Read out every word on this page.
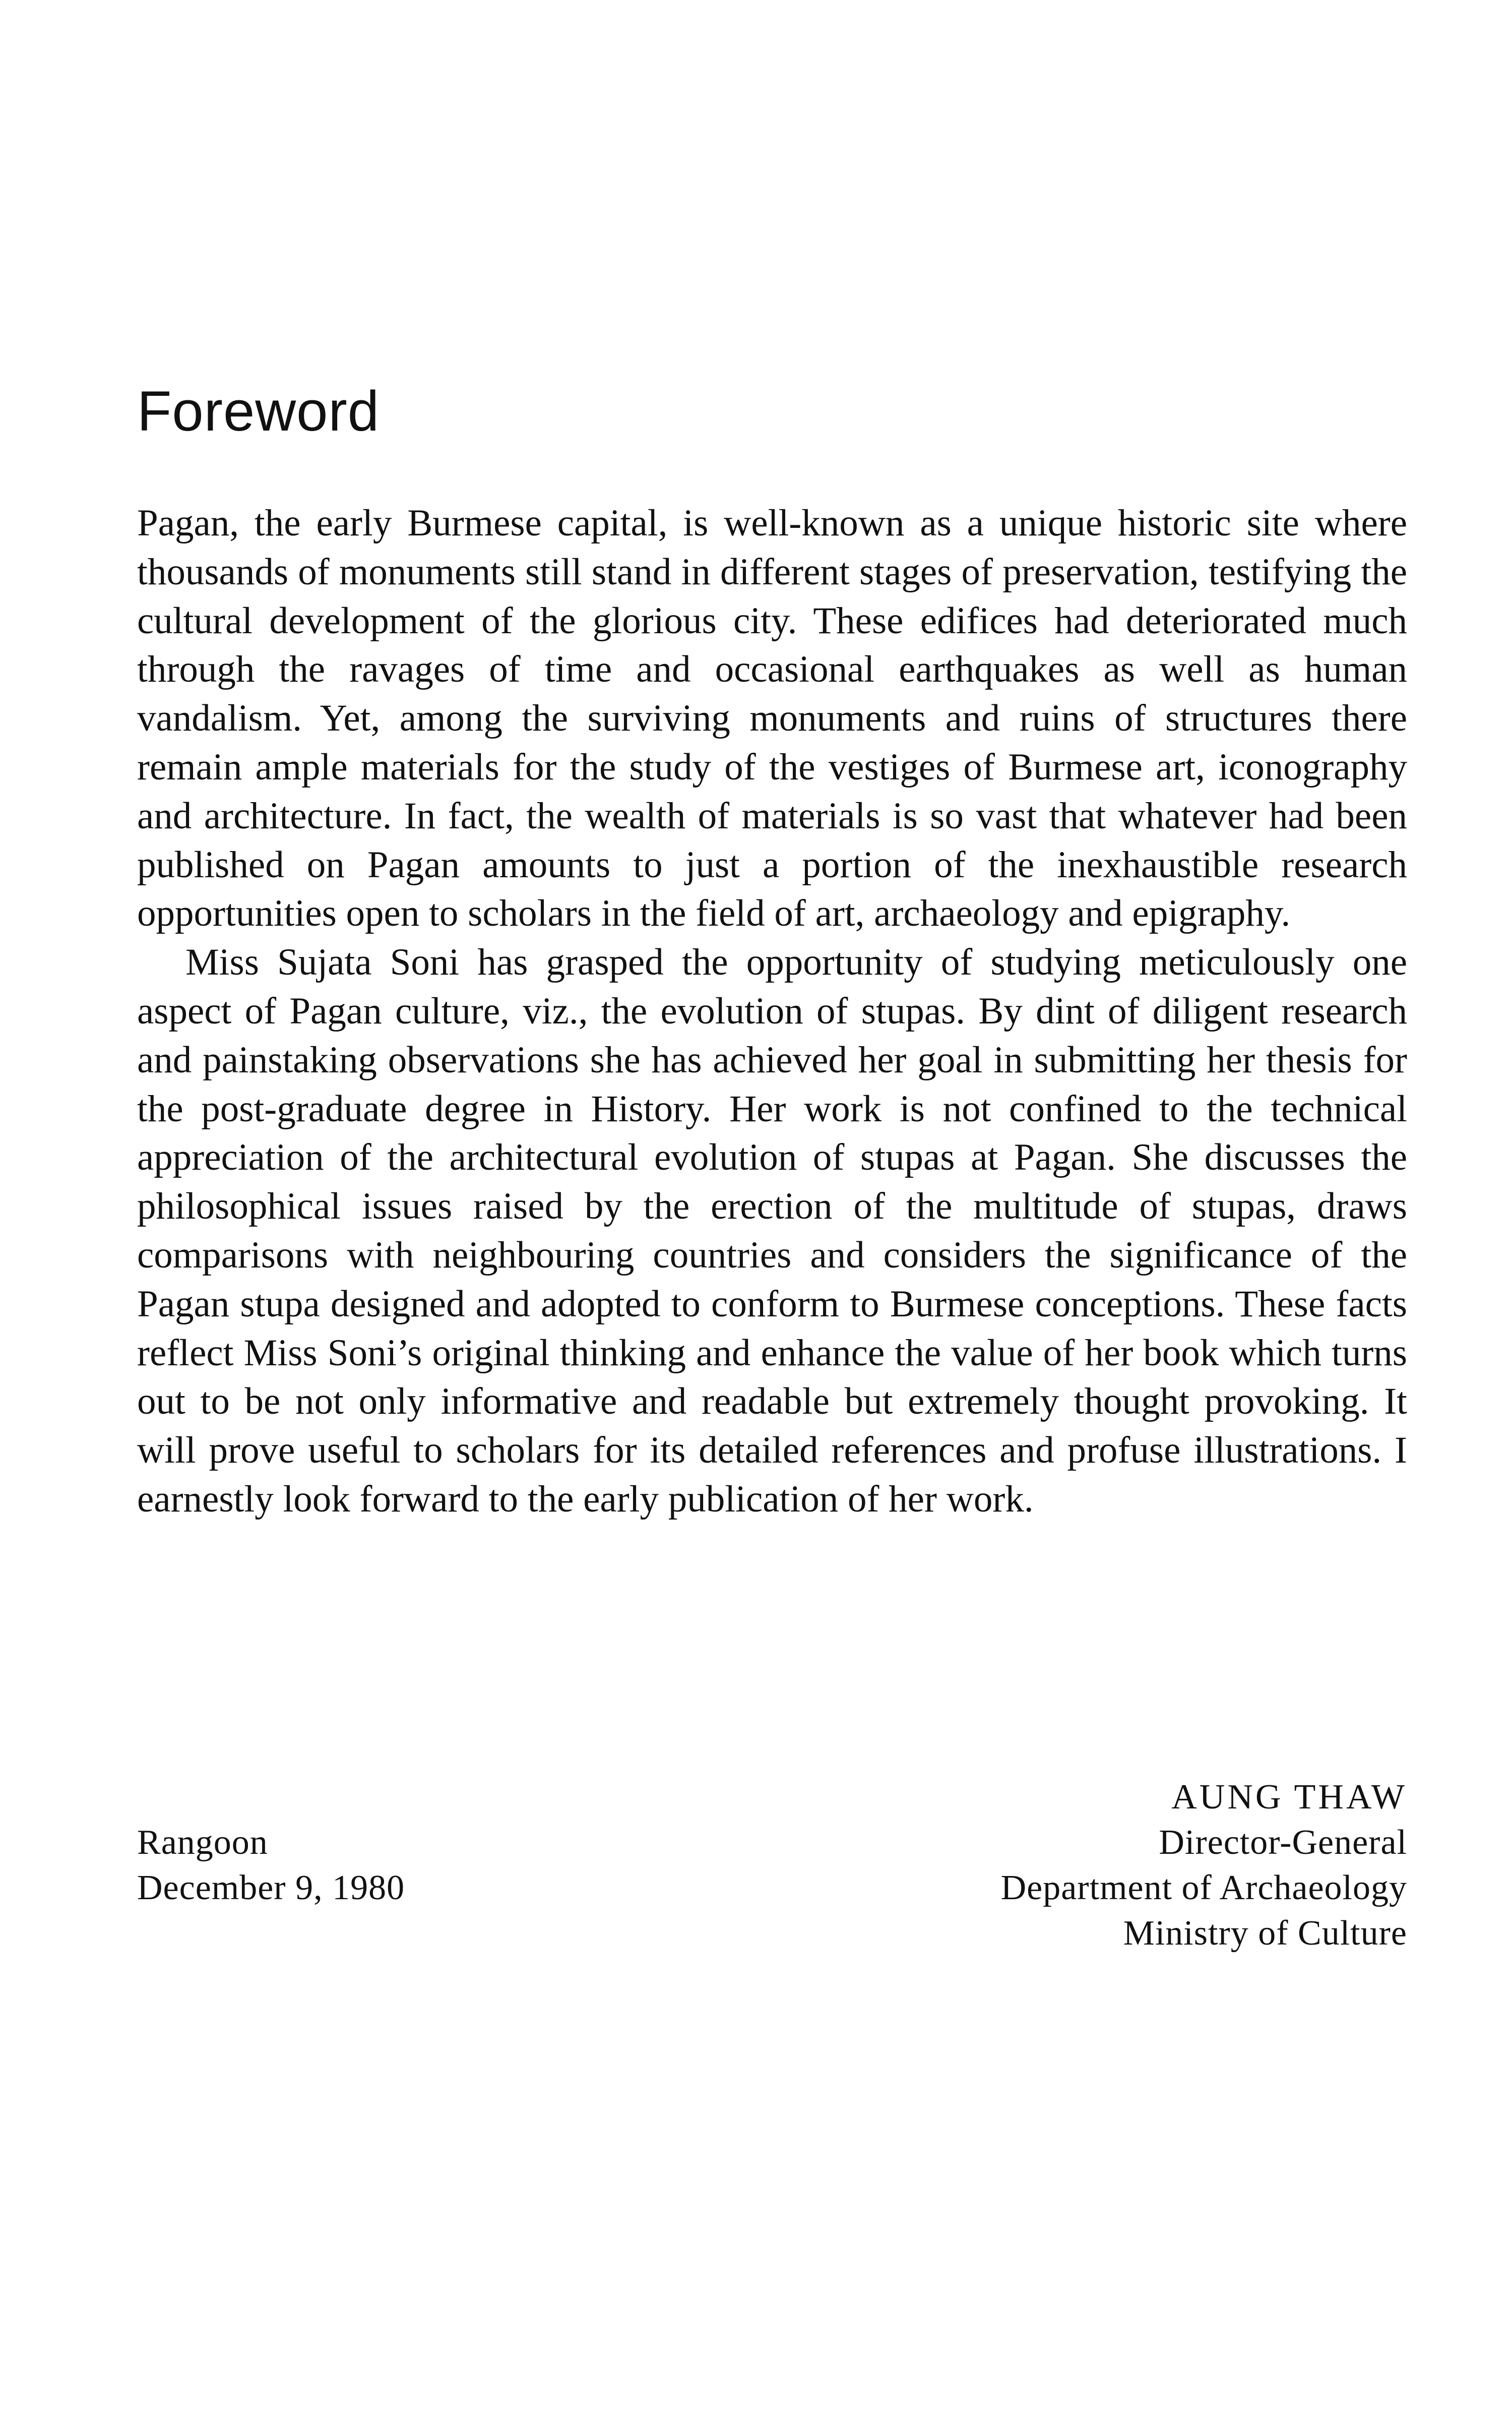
Foreword

Pagan, the early Burmese capital, is well-known as a unique historic site where thousands of monuments still stand in different stages of preservation, testifying the cultural development of the glorious city. These edifices had deteriorated much through the ravages of time and occasional earthquakes as well as human vandalism. Yet, among the surviving monuments and ruins of structures there remain ample materials for the study of the vestiges of Burmese art, iconography and architecture. In fact, the wealth of materials is so vast that whatever had been published on Pagan amounts to just a portion of the inexhaustible research opportunities open to scholars in the field of art, archaeology and epigraphy.

Miss Sujata Soni has grasped the opportunity of studying meticulously one aspect of Pagan culture, viz., the evolution of stupas. By dint of diligent research and painstaking observations she has achieved her goal in submitting her thesis for the post-graduate degree in History. Her work is not confined to the technical appreciation of the architectural evolution of stupas at Pagan. She discusses the philosophical issues raised by the erection of the multitude of stupas, draws comparisons with neighbouring countries and considers the significance of the Pagan stupa designed and adopted to conform to Burmese conceptions. These facts reflect Miss Soni’s original thinking and enhance the value of her book which turns out to be not only informative and readable but extremely thought provoking. It will prove useful to scholars for its detailed references and profuse illustrations. I earnestly look forward to the early publication of her work.

Rangoon
December 9, 1980
AUNG THAW
Director-General
Department of Archaeology
Ministry of Culture
